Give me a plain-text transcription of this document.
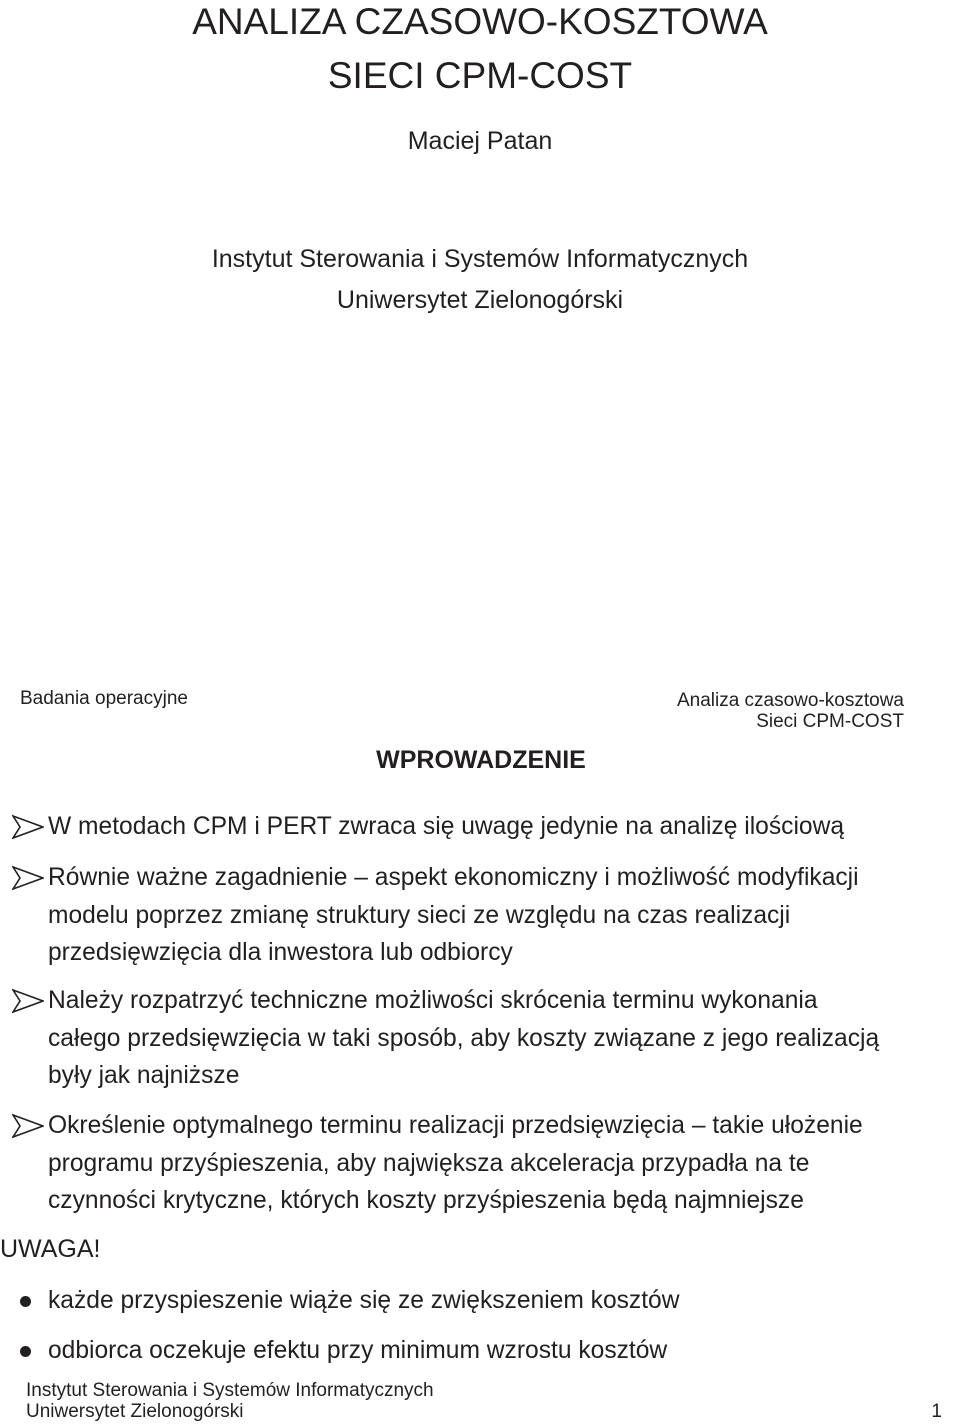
ANALIZA CZASOWO-KOSZTOWA
SIECI CPM-COST
Maciej Patan
Instytut Sterowania i Systemów Informatycznych
Uniwersytet Zielonogórski
Badania operacyjne	Analiza czasowo-kosztowa
Sieci CPM-COST
WPROWADZENIE
W metodach CPM i PERT zwraca się uwagę jedynie na analizę ilościową
Równie ważne zagadnienie – aspekt ekonomiczny i możliwość modyfikacji
modelu poprzez zmianę struktury sieci ze względu na czas realizacji
przedsięwzięcia dla inwestora lub odbiorcy
Należy rozpatrzyć techniczne możliwości skrócenia terminu wykonania
całego przedsięwzięcia w taki sposób, aby koszty związane z jego realizacją
były jak najniższe
Określenie optymalnego terminu realizacji przedsięwzięcia – takie ułożenie
programu przyśpieszenia, aby największa akceleracja przypadła na te
czynności krytyczne, których koszty przyśpieszenia będą najmniejsze
UWAGA!
każde przyspieszenie wiąże się ze zwiększeniem kosztów
odbiorca oczekuje efektu przy minimum wzrostu kosztów
Instytut Sterowania i Systemów Informatycznych
Uniwersytet Zielonogórski	1
